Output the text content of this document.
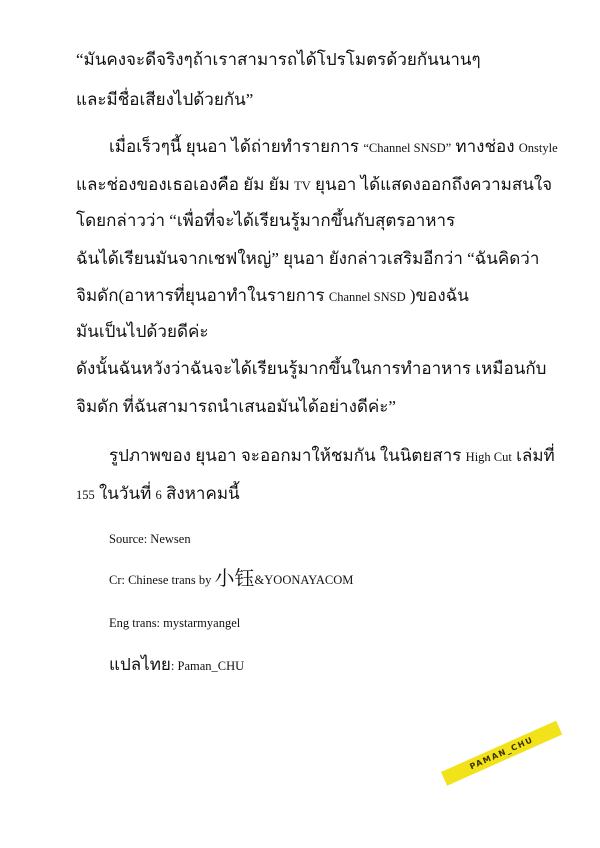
“มันคงจะดีจริงๆถ้าเราสามารถได้โปรโมตรด้วยกันนานๆ
และมีชื่อเสียงไปด้วยกัน”
เมื่อเร็วๆนี้ ยุนอา ได้ถ่ายทำรายการ “Channel SNSD” ทางช่อง Onstyle
และช่องของเธอเองคือ ยัม ยัม TV ยุนอา ได้แสดงออกถึงความสนใจ
โดยกล่าวว่า “เพื่อที่จะได้เรียนรู้มากขึ้นกับสุตรอาหาร
ฉันได้เรียนมันจากเชฟใหญ่” ยุนอา ยังกล่าวเสริมอีกว่า “ฉันคิดว่า
จิมดัก(อาหารที่ยุนอาทำในรายการ Channel SNSD )ของฉัน
มันเป็นไปด้วยดีค่ะ
ดังนั้นฉันหวังว่าฉันจะได้เรียนรู้มากขึ้นในการทำอาหาร เหมือนกับ
จิมดัก ที่ฉันสามารถนำเสนอมันได้อย่างดีค่ะ”
รูปภาพของ ยุนอา จะออกมาให้ชมกัน ในนิตยสาร High Cut เล่มที่
155 ในวันที่ 6 สิงหาคมนี้
Source: Newsen
Cr: Chinese trans by 小钰&YOONAYACOM
Eng trans: mystarmyangel
แปลไทย: Paman_CHU
PAMAN_CHU
